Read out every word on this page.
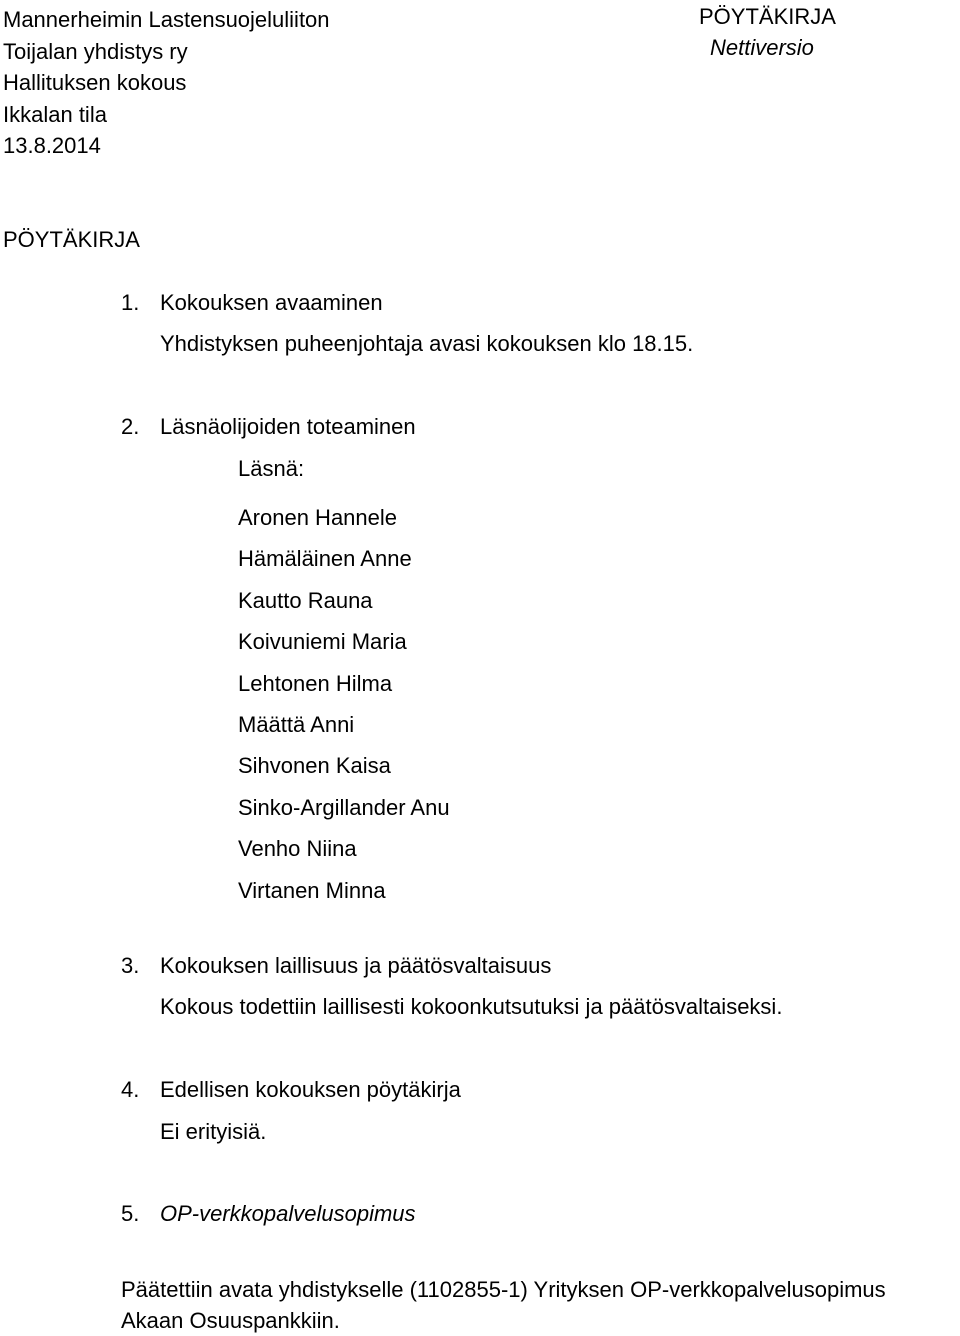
Mannerheimin Lastensuojeluliiton
Toijalan yhdistys ry
Hallituksen kokous
Ikkalan tila
13.8.2014
PÖYTÄKIRJA
Nettiversio
PÖYTÄKIRJA
1. Kokouksen avaaminen
Yhdistyksen puheenjohtaja avasi kokouksen klo 18.15.
2. Läsnäolijoiden toteaminen
Läsnä:
Aronen Hannele
Hämäläinen Anne
Kautto Rauna
Koivuniemi Maria
Lehtonen Hilma
Määttä Anni
Sihvonen Kaisa
Sinko-Argillander Anu
Venho Niina
Virtanen Minna
3. Kokouksen laillisuus ja päätösvaltaisuus
Kokous todettiin laillisesti kokoonkutsutuksi ja päätösvaltaiseksi.
4. Edellisen kokouksen pöytäkirja
Ei erityisiä.
5. OP-verkkopalvelusopimus
Päätettiin avata yhdistykselle (1102855-1) Yrityksen OP-verkkopalvelusopimus
Akaan Osuuspankkiin.
